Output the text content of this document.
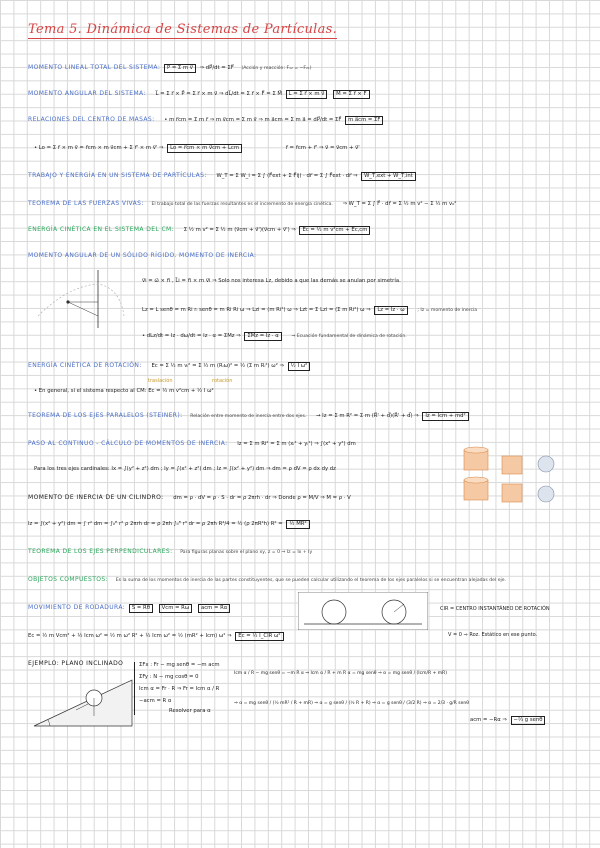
Tema 5. Dinámica de Sistemas de Partículas.
MOMENTO LINEAL TOTAL DEL SISTEMA: P⃗ = Σ m v⃗ ⇒ dP⃗/dt = ΣF⃗ (Acción y reacción: F₁₂ = −F₂₁)
MOMENTO ANGULAR DEL SISTEMA: L⃗ = Σ r⃗ × P⃗ = Σ r⃗ × m v⃗ ⇒ dL⃗/dt = Σ r⃗ × F⃗ = Σ M⃗ L⃗ = Σ r⃗ × m v⃗ M⃗ = Σ r⃗ × F⃗
RELACIONES DEL CENTRO DE MASAS: • m r⃗cm = Σ m r⃗ ⇒ m v⃗cm = Σ m v⃗ ⇒ m a⃗cm = Σ m a⃗ = dP⃗/dt = ΣF⃗ m a⃗cm = ΣF⃗
• Lo = Σ r⃗ × m v⃗ = r⃗cm × m v⃗cm + Σ r⃗' × m v⃗' ⇒ Lo = r⃗cm × m v⃗cm + L⃗cm	r⃗ = r⃗cm + r⃗' ⇒ v⃗ = v⃗cm + v⃗'
TRABAJO Y ENERGÍA EN UN SISTEMA DE PARTÍCULAS: W_T = Σ W_i = Σ ∫ (F⃗ext + Σ F⃗ij) · dr⃗ = Σ ∫ F⃗ext · dr⃗ ⇒ W_T,ext + W_T,int
TEOREMA DE LAS FUERZAS VIVAS: El trabajo total de las fuerzas resultantes es el incremento de energía cinética. ⇒ W_T = Σ ∫ F⃗ · dr⃗ = Σ ½ m v² − Σ ½ m v₀²
ENERGÍA CINÉTICA EN EL SISTEMA DEL CM: Σ ½ m v² = Σ ½ m (v⃗cm + v⃗')(v⃗cm + v⃗') ⇒ Ec = ½ m v²cm + Ec,cm
MOMENTO ANGULAR DE UN SÓLIDO RÍGIDO. MOMENTO DE INERCIA:
v⃗i = ω⃗ × r⃗i , L⃗i = r⃗i × m v⃗i ⇒ Solo nos interesa Lz, debido a que las demás se anulan por simetría.
Lz = L senθ = m Ri rᵢ senθ = m Ri Ri ω ⇒ Lzi = (m Ri²) ω ⇒ Lzt = Σ Lzi = (Σ m Ri²) ω ⇒ Lz = Iz · ω	; Iz = momento de inercia
• dLz/dt = Iz · dω/dt = Iz · α = ΣMz ⇒ ΣMz = Iz · α	⇒ Ecuación fundamental de dinámica de rotación.
ENERGÍA CINÉTICA DE ROTACIÓN: Ec = Σ ½ m vᵢ² = Σ ½ m (Rᵢω)² = ½ (Σ m Rᵢ²) ω² ⇒ ½ I ω²
traslación	rotación
• En general, si el sistema respecto al CM: Ec = ½ m v²cm + ½ I ω²
TEOREMA DE LOS EJES PARALELOS (STEINER): Relación entre momento de inercia entre dos ejes. → Iz = Σ m R² = Σ m (R⃗' + d⃗)(R⃗' + d⃗) ⇒ Iz = Icm + md²
PASO AL CONTINUO - CÁLCULO DE MOMENTOS DE INERCIA: Iz = Σ m Ri² = Σ m (xᵢ² + yᵢ²) ⇒ ∫(x² + y²) dm
Para los tres ejes cardinales: Ix = ∫(y² + z²) dm ; Iy = ∫(x² + z²) dm ; Iz = ∫(x² + y²) dm ⇒ dm = ρ dV = ρ dx dy dz
MOMENTO DE INERCIA DE UN CILINDRO: dm = ρ · dV = ρ · S · dr = ρ 2πrh · dr ⇒ Donde ρ = M/V ⇒ M = ρ · V
Iz = ∫(x² + y²) dm = ∫ r² dm = ∫₀ᴿ r² ρ 2πrh dr = ρ 2πh ∫₀ᴿ r³ dr = ρ 2πh R⁴/4 = ½ (ρ 2πR²h) R² = ½ MR²
TEOREMA DE LOS EJES PERPENDICULARES: Para figuras planas sobre el plano xy, z = 0 ⇒ Iz = Ix + Iy
OBJETOS COMPUESTOS: Es la suma de los momentos de inercia de las partes constituyentes, que se pueden calcular utilizando el teorema de los ejes paralelos si se encuentran alejadas del eje.
MOVIMIENTO DE RODADURA: S = Rθ Vcm = Rω acm = Rα	CIR = CENTRO INSTANTÁNEO DE ROTACIÓN
Ec = ½ m Vcm² + ½ Icm ω² = ½ m ω² R² + ½ Icm ω² = ½ (mR² + Icm) ω² ⇒ Ec = ½ I_CIR ω²	V = 0 ⇒ Roz. Estático en ese punto.
EJEMPLO: PLANO INCLINADO	ΣFx : Fr − mg senθ = −m acm
ΣFy : N − mg cosθ = 0
Icm α = Fr · R ⇒ Fr = Icm α / R
−acm = R α
Resolver para α
Icm α / R − mg senθ = −m R α ⇒ Icm α / R + m R α = mg senθ ⇒ α = mg senθ / (Icm/R + mR)
⇒ α = mg senθ / (½ mR² / R + mR) ⇒ α = g senθ / (½ R + R) ⇒ α = g senθ / (3/2 R) ⇒ α = 2/3 · g/R senθ
acm = −Rα ⇒ −⅔ g senθ
